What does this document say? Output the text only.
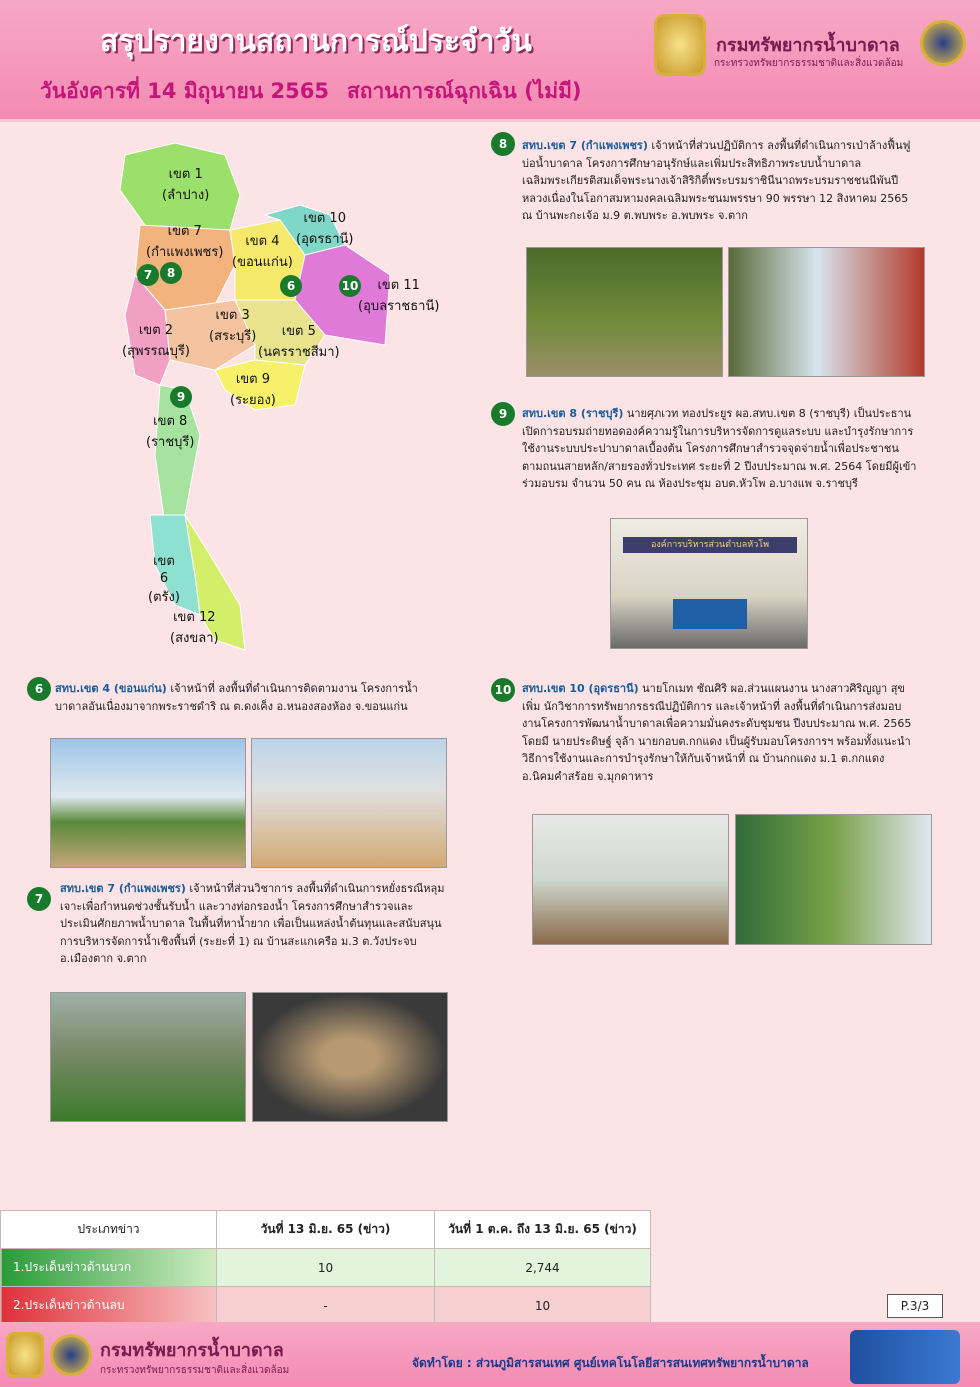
สรุปรายงานสถานการณ์ประจำวัน
วันอังคารที่ 14 มิถุนายน 2565 สถานการณ์ฉุกเฉิน (ไม่มี)
กรมทรัพยากรน้ำบาดาล
กระทรวงทรัพยากรธรรมชาติและสิ่งแวดล้อม
เขต 1
(ลำปาง)
เขต 7
(กำแพงเพชร)
เขต 4
(ขอนแก่น)
เขต 10
(อุดรธานี)
เขต 11
(อุบลราชธานี)
เขต 3
(สระบุรี)
เขต 2
(สุพรรณบุรี)
เขต 5
(นครราชสีมา)
เขต 9
(ระยอง)
เขต 8
(ราชบุรี)
เขต 6
(ตรัง)
เขต 12
(สงขลา)
7	8
6	10
9
8	สทบ.เขต 7 (กำแพงเพชร) เจ้าหน้าที่ส่วนปฏิบัติการ ลงพื้นที่ดำเนินการเป่าล้างฟื้นฟูบ่อน้ำบาดาล โครงการศึกษาอนุรักษ์และเพิ่มประสิทธิภาพระบบน้ำบาดาลเฉลิมพระเกียรติสมเด็จพระนางเจ้าสิริกิติ์พระบรมราชินีนาถพระบรมราชชนนีพันปีหลวงเนื่องในโอกาสมหามงคลเฉลิมพระชนมพรรษา 90 พรรษา 12 สิงหาคม 2565 ณ บ้านพะกะเจ้อ ม.9 ต.พบพระ อ.พบพระ จ.ตาก
9	สทบ.เขต 8 (ราชบุรี) นายศุภเวท ทองประยูร ผอ.สทบ.เขต 8 (ราชบุรี) เป็นประธานเปิดการอบรมถ่ายทอดองค์ความรู้ในการบริหารจัดการดูแลระบบ และบำรุงรักษาการใช้งานระบบประปาบาดาลเบื้องต้น โครงการศึกษาสำรวจจุดจ่ายน้ำเพื่อประชาชนตามถนนสายหลัก/สายรองทั่วประเทศ ระยะที่ 2 ปีงบประมาณ พ.ศ. 2564 โดยมีผู้เข้าร่วมอบรม จำนวน 50 คน ณ ห้องประชุม อบต.หัวโพ อ.บางแพ จ.ราชบุรี
องค์การบริหารส่วนตำบลหัวโพ
6	สทบ.เขต 4 (ขอนแก่น) เจ้าหน้าที่ ลงพื้นที่ดำเนินการติดตามงาน โครงการน้ำบาดาลอันเนื่องมาจากพระราชดำริ ณ ต.ดงเค็ง อ.หนองสองห้อง จ.ขอนแก่น
10 สทบ.เขต 10 (อุดรธานี) นายโกเมท ชัณศิริ ผอ.ส่วนแผนงาน นางสาวศิริญญา สุขเพิ่ม นักวิชาการทรัพยากรธรณีปฏิบัติการ และเจ้าหน้าที่ ลงพื้นที่ดำเนินการส่งมอบงานโครงการพัฒนาน้ำบาดาลเพื่อความมั่นคงระดับชุมชน ปีงบประมาณ พ.ศ. 2565 โดยมี นายประดิษฐ์ จุล้า นายกอบต.กกแดง เป็นผู้รับมอบโครงการฯ พร้อมทั้งแนะนำวิธีการใช้งานและการบำรุงรักษาให้กับเจ้าหน้าที่ ณ บ้านกกแดง ม.1 ต.กกแดง อ.นิคมคำสร้อย จ.มุกดาหาร
7
สทบ.เขต 7 (กำแพงเพชร) เจ้าหน้าที่ส่วนวิชาการ ลงพื้นที่ดำเนินการหยั่งธรณีหลุมเจาะเพื่อกำหนดช่วงชั้นรับน้ำ และวางท่อกรองน้ำ โครงการศึกษาสำรวจและประเมินศักยภาพน้ำบาดาล ในพื้นที่หาน้ำยาก เพื่อเป็นแหล่งน้ำต้นทุนและสนับสนุนการบริหารจัดการน้ำเชิงพื้นที่ (ระยะที่ 1) ณ บ้านสะแกเครือ ม.3 ต.วังประจบ อ.เมืองตาก จ.ตาก
ประเภทข่าว	วันที่ 13 มิ.ย. 65 (ข่าว)	วันที่ 1 ต.ค. ถึง 13 มิ.ย. 65 (ข่าว)
1.ประเด็นข่าวด้านบวก	10	2,744
2.ประเด็นข่าวด้านลบ	-	10	P.3/3
กรมทรัพยากรน้ำบาดาล
กระทรวงทรัพยากรธรรมชาติและสิ่งแวดล้อม
จัดทำโดย : ส่วนภูมิสารสนเทศ ศูนย์เทคโนโลยีสารสนเทศทรัพยากรน้ำบาดาล
